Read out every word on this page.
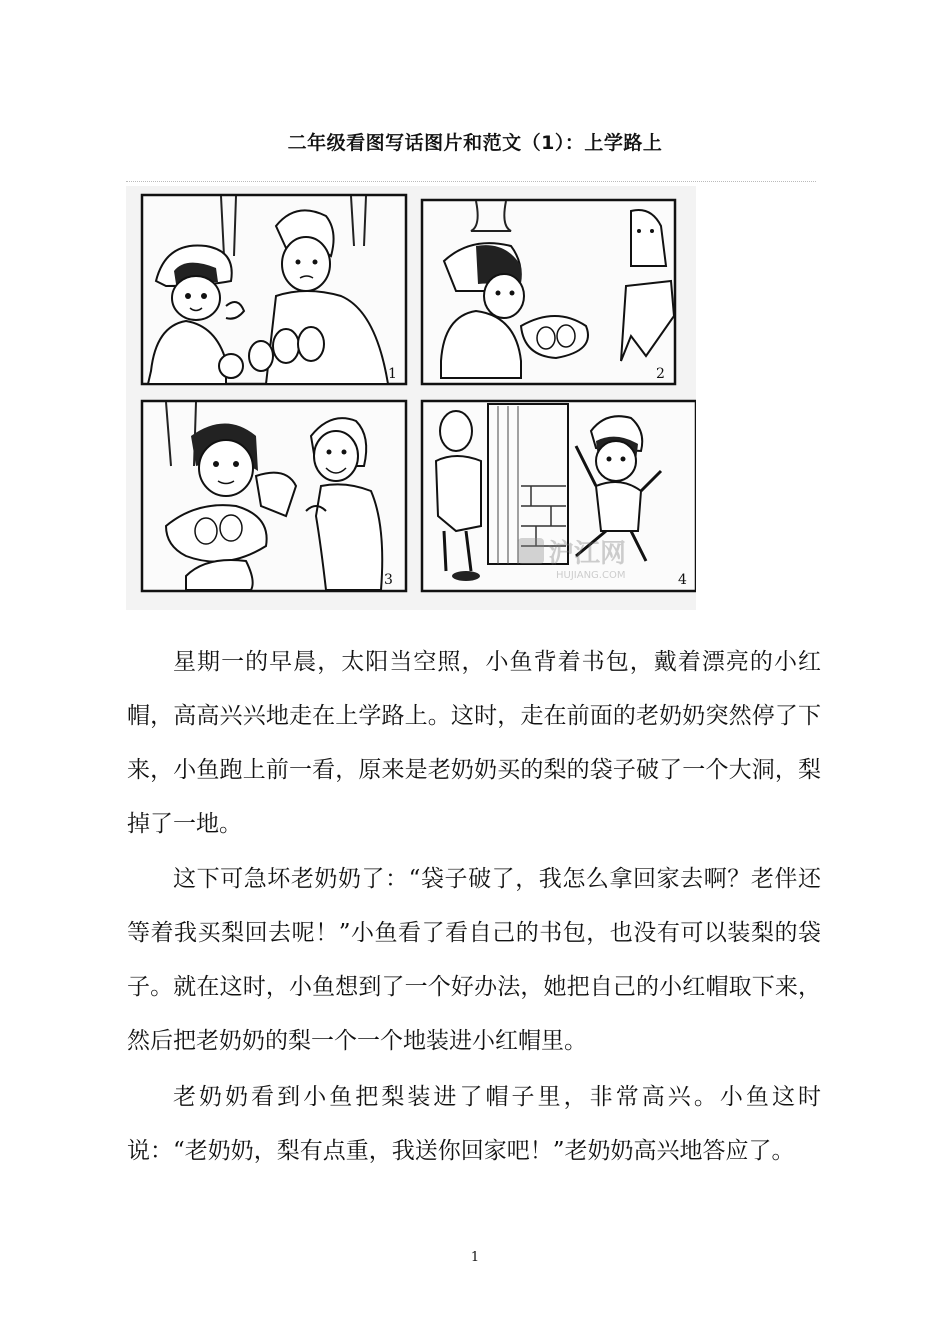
二年级看图写话图片和范文（1）：上学路上
1	2
3
沪江网
HUJIANG.COM	4

星期一的早晨，太阳当空照，小鱼背着书包，戴着漂亮的小红帽，高高兴兴地走在上学路上。这时，走在前面的老奶奶突然停了下来，小鱼跑上前一看，原来是老奶奶买的梨的袋子破了一个大洞，梨掉了一地。

这下可急坏老奶奶了：“袋子破了，我怎么拿回家去啊？老伴还等着我买梨回去呢！”小鱼看了看自己的书包，也没有可以装梨的袋子。就在这时，小鱼想到了一个好办法，她把自己的小红帽取下来，然后把老奶奶的梨一个一个地装进小红帽里。

老奶奶看到小鱼把梨装进了帽子里，非常高兴。小鱼这时说：“老奶奶，梨有点重，我送你回家吧！”老奶奶高兴地答应了。

1
